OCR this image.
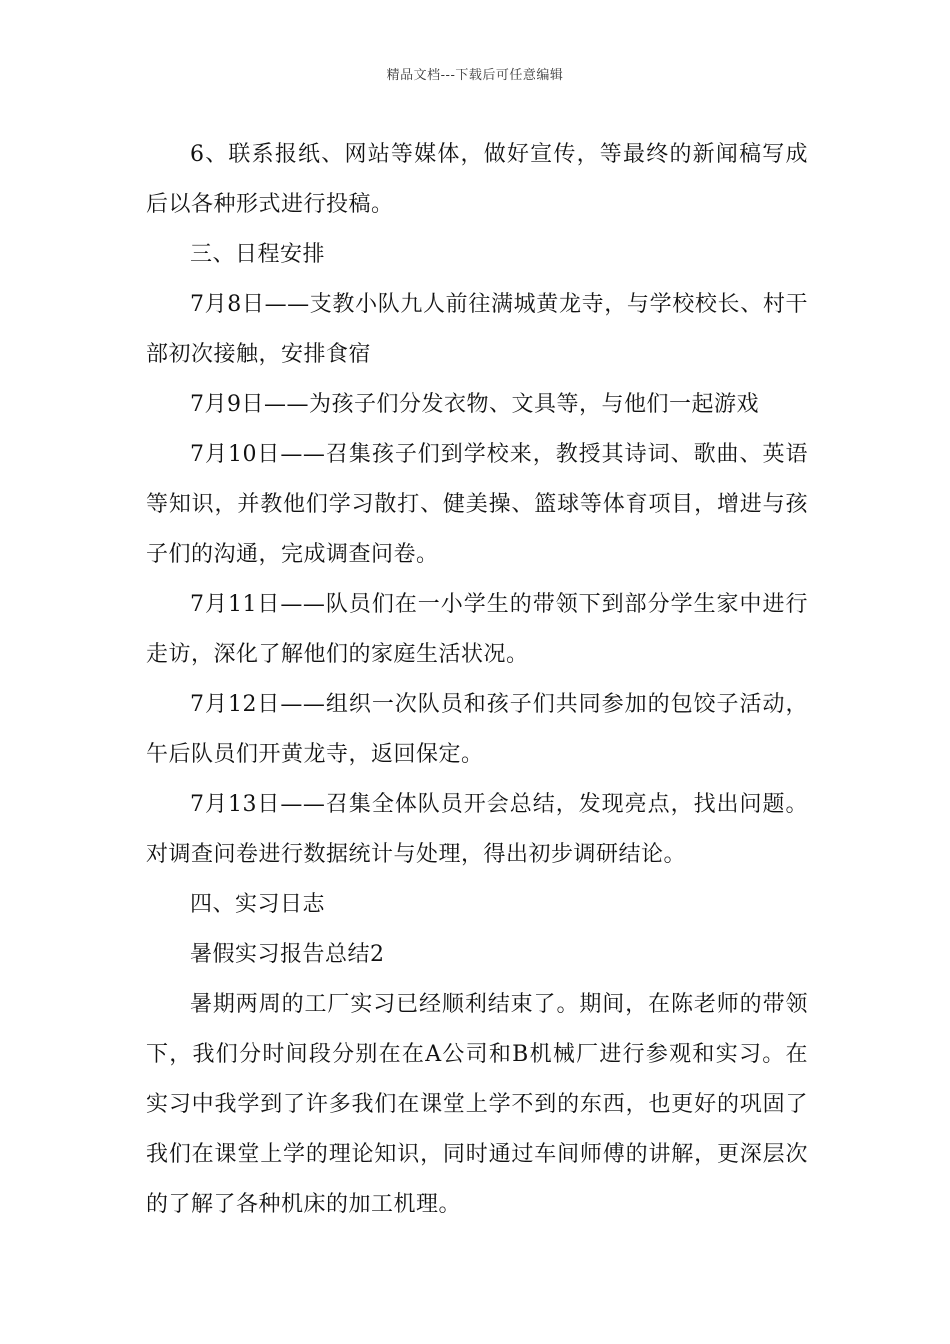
精品文档---下载后可任意编辑

6、联系报纸、网站等媒体，做好宣传，等最终的新闻稿写成后以各种形式进行投稿。

三、日程安排

7月8日——支教小队九人前往满城黄龙寺，与学校校长、村干部初次接触，安排食宿

7月9日——为孩子们分发衣物、文具等，与他们一起游戏

7月10日——召集孩子们到学校来，教授其诗词、歌曲、英语等知识，并教他们学习散打、健美操、篮球等体育项目，增进与孩子们的沟通，完成调查问卷。

7月11日——队员们在一小学生的带领下到部分学生家中进行走访，深化了解他们的家庭生活状况。

7月12日——组织一次队员和孩子们共同参加的包饺子活动，午后队员们开黄龙寺，返回保定。

7月13日——召集全体队员开会总结，发现亮点，找出问题。对调查问卷进行数据统计与处理，得出初步调研结论。

四、实习日志

暑假实习报告总结2

暑期两周的工厂实习已经顺利结束了。期间，在陈老师的带领下，我们分时间段分别在在A公司和B机械厂进行参观和实习。在实习中我学到了许多我们在课堂上学不到的东西，也更好的巩固了我们在课堂上学的理论知识，同时通过车间师傅的讲解，更深层次的了解了各种机床的加工机理。
